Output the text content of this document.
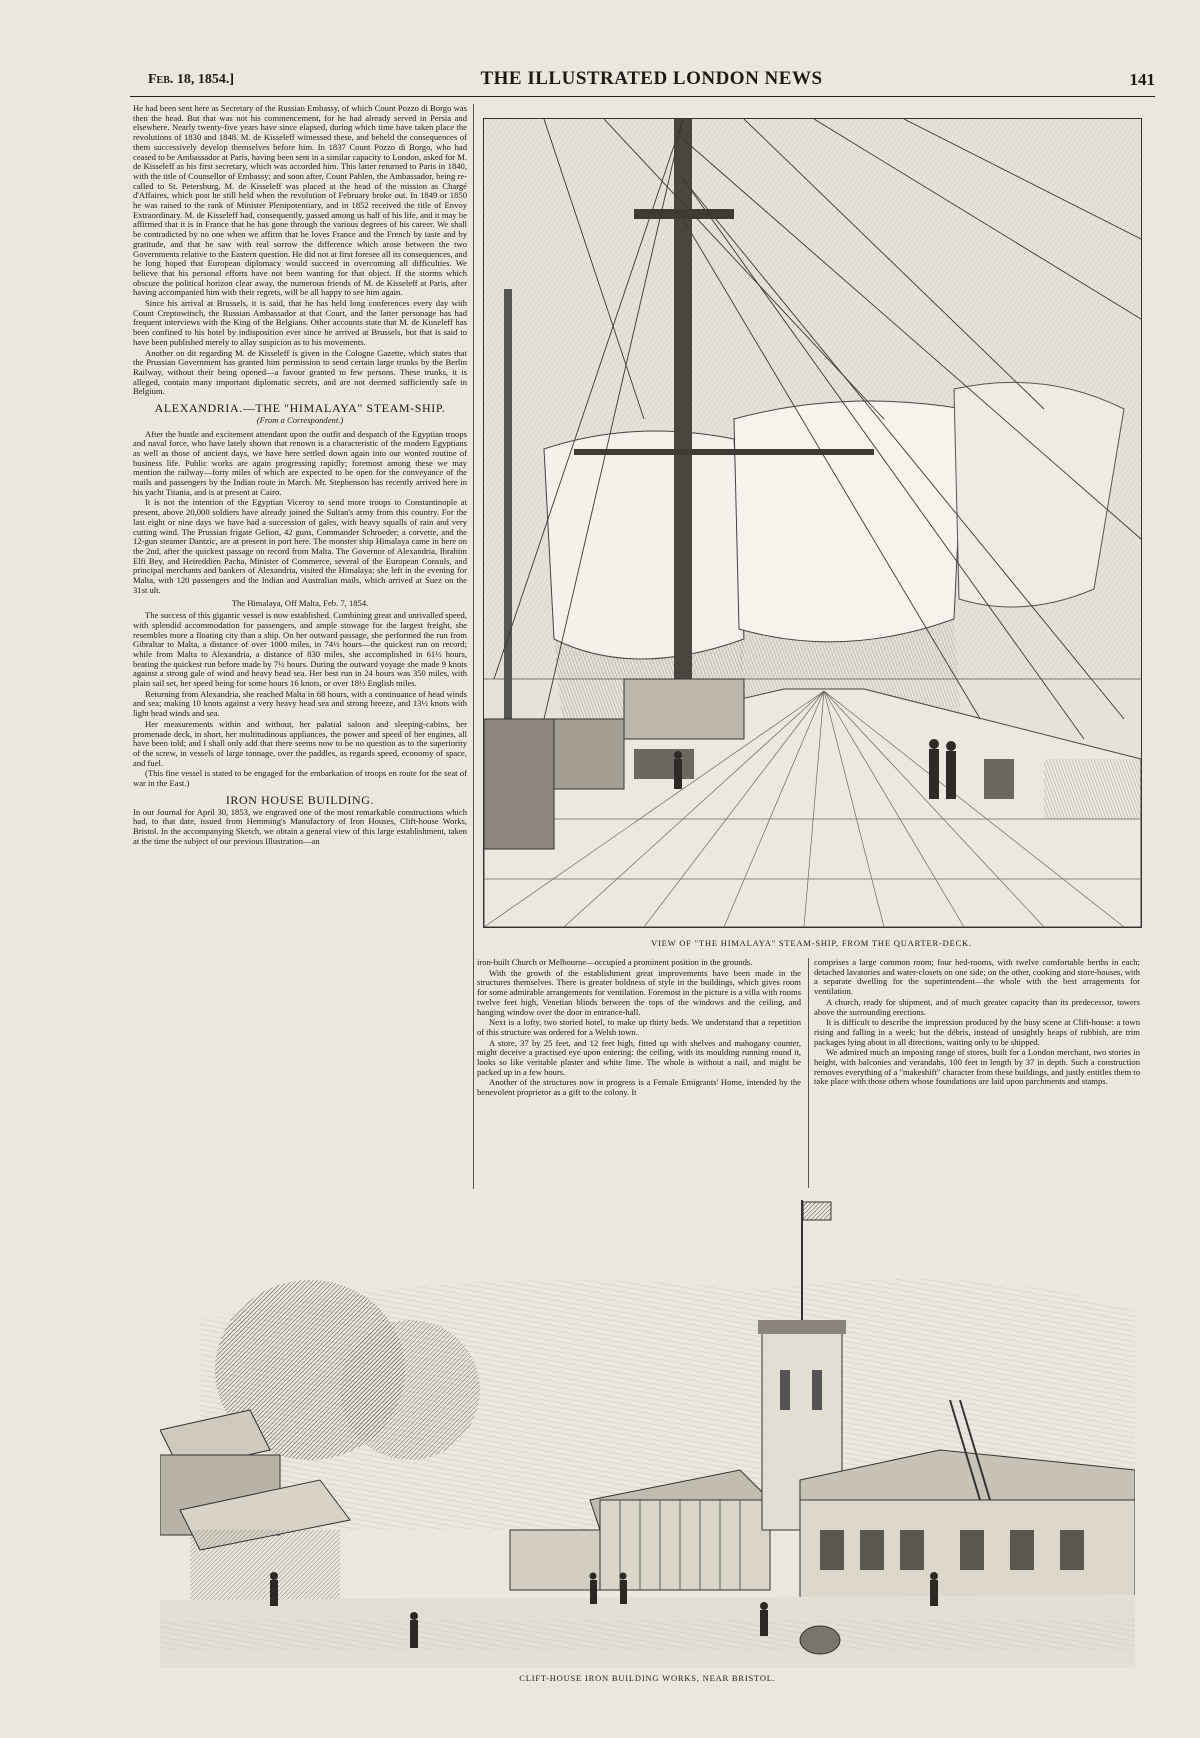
Feb. 18, 1854.]	THE ILLUSTRATED LONDON NEWS	141

He had been sent here as Secretary of the Russian Embassy, of which Count Pozzo di Borgo was then the head. But that was not his commencement, for he had already served in Persia and elsewhere. Nearly twenty-five years have since elapsed, during which time have taken place the revolutions of 1830 and 1848. M. de Kisseleff witnessed these, and beheld the consequences of them successively develop themselves before him. In 1837 Count Pozzo di Borgo, who had ceased to be Ambassador at Paris, having been sent in a similar capacity to London, asked for M. de Kisseleff as his first secretary, which was accorded him. This latter returned to Paris in 1840, with the title of Counsellor of Embassy; and soon after, Count Pahlen, the Ambassador, being re-called to St. Petersburg, M. de Kisseleff was placed at the head of the mission as Chargé d'Affaires, which post he still held when the revolution of February broke out. In 1849 or 1850 he was raised to the rank of Minister Plenipotentiary, and in 1852 received the title of Envoy Extraordinary. M. de Kisseleff had, consequently, passed among us half of his life, and it may be affirmed that it is in France that he has gone through the various degrees of his career. We shall be contradicted by no one when we affirm that he loves France and the French by taste and by gratitude, and that he saw with real sorrow the difference which arose between the two Governments relative to the Eastern question. He did not at first foresee all its consequences, and he long hoped that European diplomacy would succeed in overcoming all difficulties. We believe that his personal efforts have not been wanting for that object. If the storms which obscure the political horizon clear away, the numerous friends of M. de Kisseleff at Paris, after having accompanied him with their regrets, will be all happy to see him again.

Since his arrival at Brussels, it is said, that he has held long conferences every day with Count Creptowitsch, the Russian Ambassador at that Court, and the latter personage has had frequent interviews with the King of the Belgians. Other accounts state that M. de Kisseleff has been confined to his hotel by indisposition ever since he arrived at Brussels, but that is said to have been published merely to allay suspicion as to his movements.

Another on dit regarding M. de Kisseleff is given in the Cologne Gazette, which states that the Prussian Government has granted him permission to send certain large trunks by the Berlin Railway, without their being opened—a favour granted to few persons. These trunks, it is alleged, contain many important diplomatic secrets, and are not deemed sufficiently safe in Belgium.

ALEXANDRIA.—THE "HIMALAYA" STEAM-SHIP.

(From a Correspondent.)

After the bustle and excitement attendant upon the outfit and despatch of the Egyptian troops and naval force, who have lately shown that renown is a characteristic of the modern Egyptians as well as those of ancient days, we have here settled down again into our wonted routine of business life. Public works are again progressing rapidly; foremost among these we may mention the railway—forty miles of which are expected to be open for the conveyance of the mails and passengers by the Indian route in March. Mr. Stephenson has recently arrived here in his yacht Titania, and is at present at Cairo.

It is not the intention of the Egyptian Viceroy to send more troops to Constantinople at present, above 20,000 soldiers have already joined the Sultan's army from this country. For the last eight or nine days we have had a succession of gales, with heavy squalls of rain and very cutting wind. The Prussian frigate Gefion, 42 guns, Commander Schroeder; a corvette, and the 12-gun steamer Dantzic, are at present in port here. The monster ship Himalaya came in here on the 2nd, after the quickest passage on record from Malta. The Governor of Alexandria, Ibrahim Elfi Bey, and Heireddien Pacha, Minister of Commerce, several of the European Consuls, and principal merchants and bankers of Alexandria, visited the Himalaya; she left in the evening for Malta, with 120 passengers and the Indian and Australian mails, which arrived at Suez on the 31st ult.

The Himalaya, Off Malta, Feb. 7, 1854.

The success of this gigantic vessel is now established. Combining great and unrivalled speed, with splendid accommodation for passengers, and ample stowage for the largest freight, she resembles more a floating city than a ship. On her outward passage, she performed the run from Gibraltar to Malta, a distance of over 1000 miles, in 74½ hours—the quickest run on record; while from Malta to Alexandria, a distance of 830 miles, she accomplished in 61½ hours, beating the quickest run before made by 7½ hours. During the outward voyage she made 9 knots against a strong gale of wind and heavy head sea. Her best run in 24 hours was 350 miles, with plain sail set, her speed being for some hours 16 knots, or over 18½ English miles.

Returning from Alexandria, she reached Malta in 68 hours, with a continuance of head winds and sea; making 10 knots against a very heavy head sea and strong breeze, and 13½ knots with light head winds and sea.

Her measurements within and without, her palatial saloon and sleeping-cabins, her promenade deck, in short, her multitudinous appliances, the power and speed of her engines, all have been told; and I shall only add that there seems now to be no question as to the superiority of the screw, in vessels of large tonnage, over the paddles, as regards speed, economy of space, and fuel.

(This fine vessel is stated to be engaged for the embarkation of troops en route for the seat of war in the East.)

IRON HOUSE BUILDING.

In our Journal for April 30, 1853, we engraved one of the most remarkable constructions which had, to that date, issued from Hemming's Manufactory of Iron Houses, Clift-house Works, Bristol. In the accompanying Sketch, we obtain a general view of this large establishment, taken at the time the subject of our previous Illustration—an

VIEW OF "THE HIMALAYA" STEAM-SHIP, FROM THE QUARTER-DECK.

iron-built Church or Melbourne—occupied a prominent position in the grounds.

With the growth of the establishment great improvements have been made in the structures themselves. There is greater boldness of style in the buildings, which gives room for some admirable arrangements for ventilation. Foremost in the picture is a villa with rooms twelve feet high, Venetian blinds between the tops of the windows and the ceiling, and hanging window over the door in entrance-hall.

Next is a lofty, two storied hotel, to make up thirty beds. We understand that a repetition of this structure was ordered for a Welsh town.

A store, 37 by 25 feet, and 12 feet high, fitted up with shelves and mahogany counter, might deceive a practised eye upon entering: the ceiling, with its moulding running round it, looks so like veritable plaster and white lime. The whole is without a nail, and might be packed up in a few hours.

Another of the structures now in progress is a Female Emigrants' Home, intended by the benevolent proprietor as a gift to the colony. It

comprises a large common room; four bed-rooms, with twelve comfortable berths in each; detached lavatories and water-closets on one side; on the other, cooking and store-houses, with a separate dwelling for the superintendent—the whole with the best arragements for ventilation.

A church, ready for shipment, and of much greater capacity than its predecessor, towers above the surrounding erections.

It is difficult to describe the impression produced by the busy scene at Clift-house: a town rising and falling in a week; but the débris, instead of unsightly heaps of rubbish, are trim packages lying about in all directions, waiting only to be shipped.

We admired much an imposing range of stores, built for a London merchant, two stories in height, with balconies and verandahs, 100 feet in length by 37 in depth. Such a construction removes everything of a "makeshift" character from these buildings, and justly entitles them to take place with those others whose foundations are laid upon parchments and stamps.

CLIFT-HOUSE IRON BUILDING WORKS, NEAR BRISTOL.
